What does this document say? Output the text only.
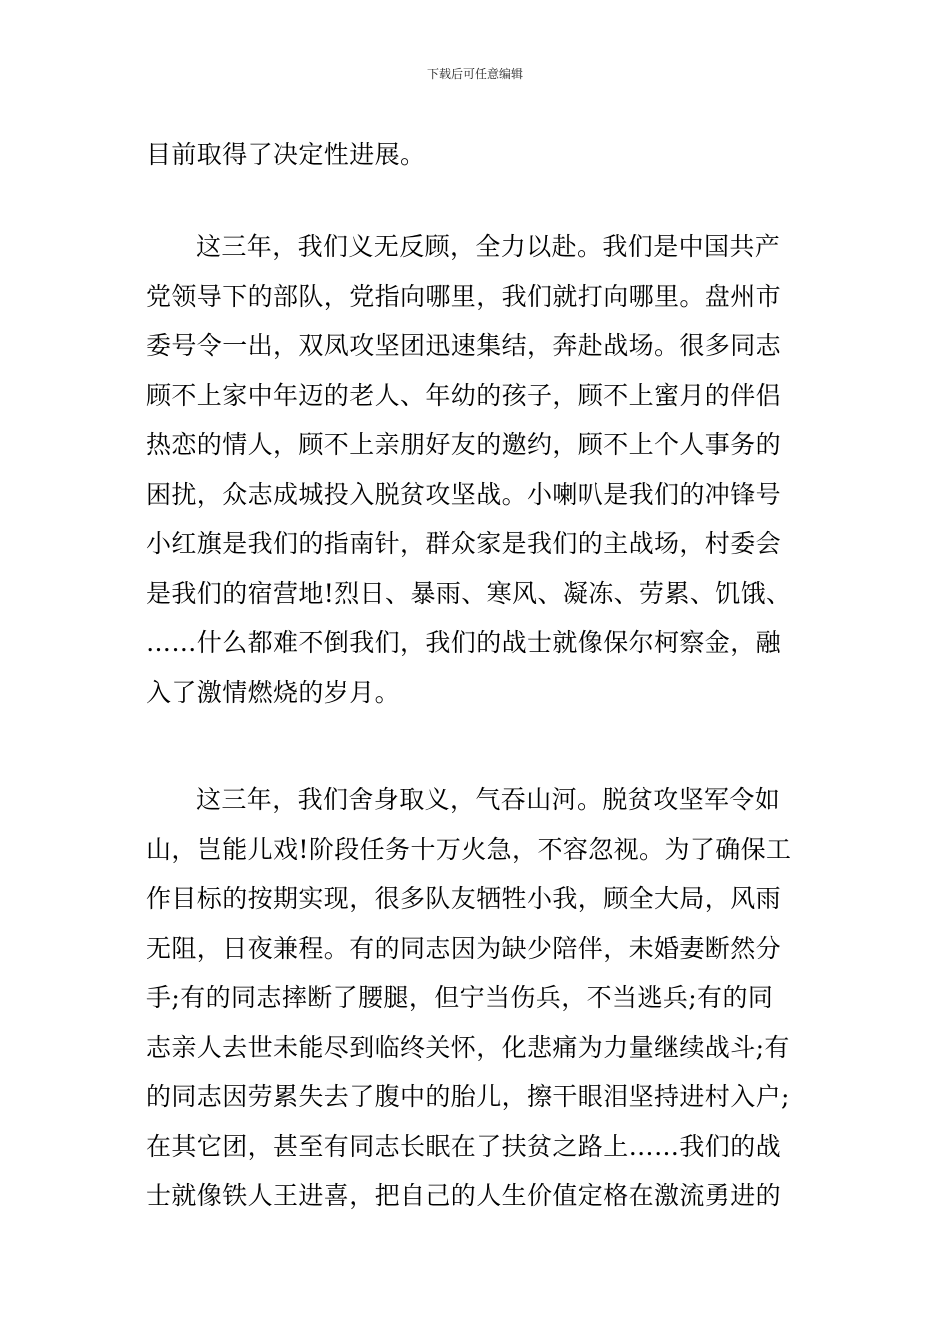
下载后可任意编辑
目前取得了决定性进展。
这三年，我们义无反顾，全力以赴。我们是中国共产
党领导下的部队，党指向哪里，我们就打向哪里。盘州市
委号令一出，双凤攻坚团迅速集结，奔赴战场。很多同志
顾不上家中年迈的老人、年幼的孩子，顾不上蜜月的伴侣
热恋的情人，顾不上亲朋好友的邀约，顾不上个人事务的
困扰，众志成城投入脱贫攻坚战。小喇叭是我们的冲锋号
小红旗是我们的指南针，群众家是我们的主战场，村委会
是我们的宿营地!烈日、暴雨、寒风、凝冻、劳累、饥饿、
……什么都难不倒我们，我们的战士就像保尔柯察金，融
入了激情燃烧的岁月。
这三年，我们舍身取义，气吞山河。脱贫攻坚军令如
山，岂能儿戏!阶段任务十万火急，不容忽视。为了确保工
作目标的按期实现，很多队友牺牲小我，顾全大局，风雨
无阻，日夜兼程。有的同志因为缺少陪伴，未婚妻断然分
手;有的同志摔断了腰腿，但宁当伤兵，不当逃兵;有的同
志亲人去世未能尽到临终关怀，化悲痛为力量继续战斗;有
的同志因劳累失去了腹中的胎儿，擦干眼泪坚持进村入户;
在其它团，甚至有同志长眠在了扶贫之路上……我们的战
士就像铁人王进喜，把自己的人生价值定格在激流勇进的
